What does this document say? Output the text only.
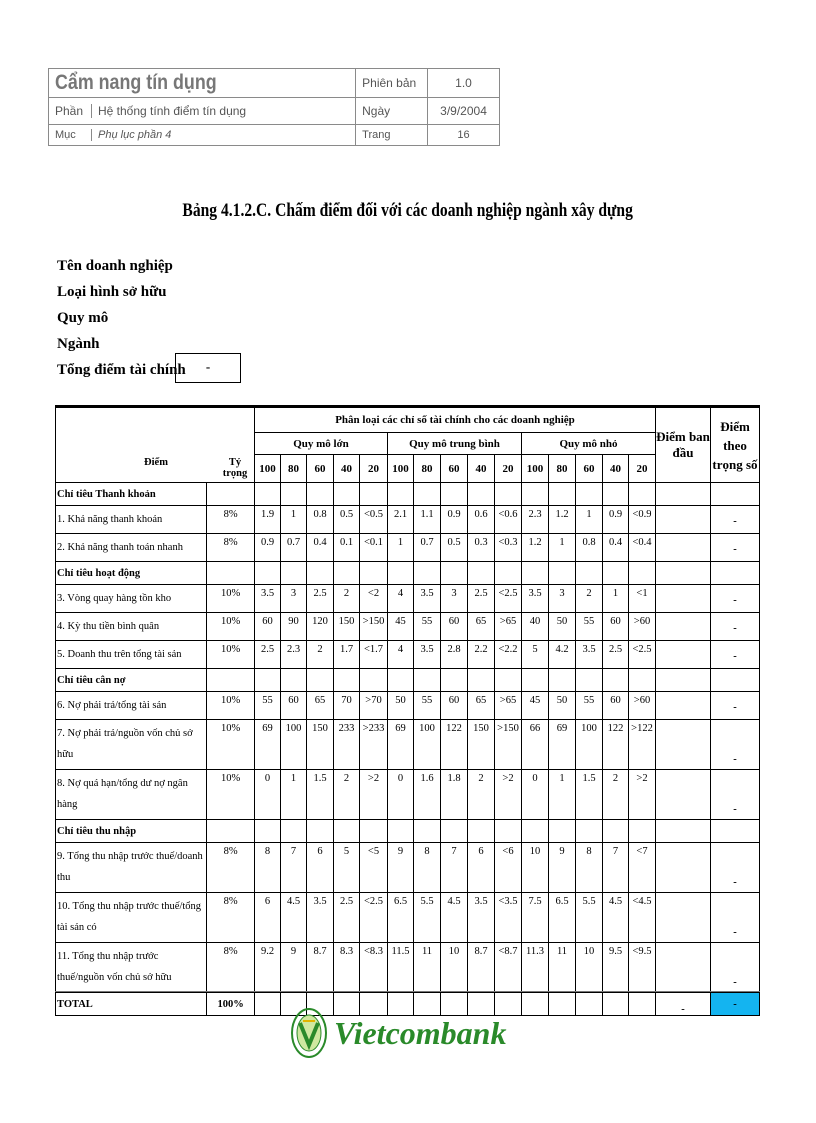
Cẩm nang tín dụng	Phiên bản	1.0
Phần Hệ thống tính điểm tín dụng	Ngày	3/9/2004
Mục Phụ lục phần 4	Trang	16
Bảng 4.1.2.C. Chấm điểm đối với các doanh nghiệp ngành xây dựng
Tên doanh nghiệp
Loại hình sở hữu
Quy mô
Ngành
Tổng điểm tài chính	-
Điểm Tỷ trọng		Phân loại các chỉ số tài chính cho các doanh nghiệp															Điểm ban đầu	Điểm theo trọng số
		Quy mô lớn					Quy mô trung bình					Quy mô nhỏ						
		100	80	60	40	20	100	80	60	40	20	100	80	60	40	20		
Chỉ tiêu Thanh khoản																		
1. Khả năng thanh khoản	8%	1.9	1	0.8	0.5	<0.5	2.1	1.1	0.9	0.6	<0.6	2.3	1.2	1	0.9	<0.9		-
2. Khả năng thanh toán nhanh	8%	0.9	0.7	0.4	0.1	<0.1	1	0.7	0.5	0.3	<0.3	1.2	1	0.8	0.4	<0.4		-
Chỉ tiêu hoạt động																		
3. Vòng quay hàng tồn kho	10%	3.5	3	2.5	2	<2	4	3.5	3	2.5	<2.5	3.5	3	2	1	<1		-
4. Kỳ thu tiền bình quân	10%	60	90	120	150	>150	45	55	60	65	>65	40	50	55	60	>60		-
5. Doanh thu trên tổng tài sản	10%	2.5	2.3	2	1.7	<1.7	4	3.5	2.8	2.2	<2.2	5	4.2	3.5	2.5	<2.5		-
Chỉ tiêu cân nợ																		
6. Nợ phải trả/tổng tài sản	10%	55	60	65	70	>70	50	55	60	65	>65	45	50	55	60	>60		-
7. Nợ phải trả/nguồn vốn chủ sở hữu	10%	69	100	150	233	>233	69	100	122	150	>150	66	69	100	122	>122		-
8. Nợ quá hạn/tổng dư nợ ngân hàng	10%	0	1	1.5	2	>2	0	1.6	1.8	2	>2	0	1	1.5	2	>2		-
Chỉ tiêu thu nhập																		
9. Tổng thu nhập trước thuế/doanh thu	8%	8	7	6	5	<5	9	8	7	6	<6	10	9	8	7	<7		-
10. Tổng thu nhập trước thuế/tổng tài sản có	8%	6	4.5	3.5	2.5	<2.5	6.5	5.5	4.5	3.5	<3.5	7.5	6.5	5.5	4.5	<4.5		-
11. Tổng thu nhập trước thuế/nguồn vốn chủ sở hữu	8%	9.2	9	8.7	8.3	<8.3	11.5	11	10	8.7	<8.7	11.3	11	10	9.5	<9.5		-
TOTAL	100%																-	-
Vietcombank
